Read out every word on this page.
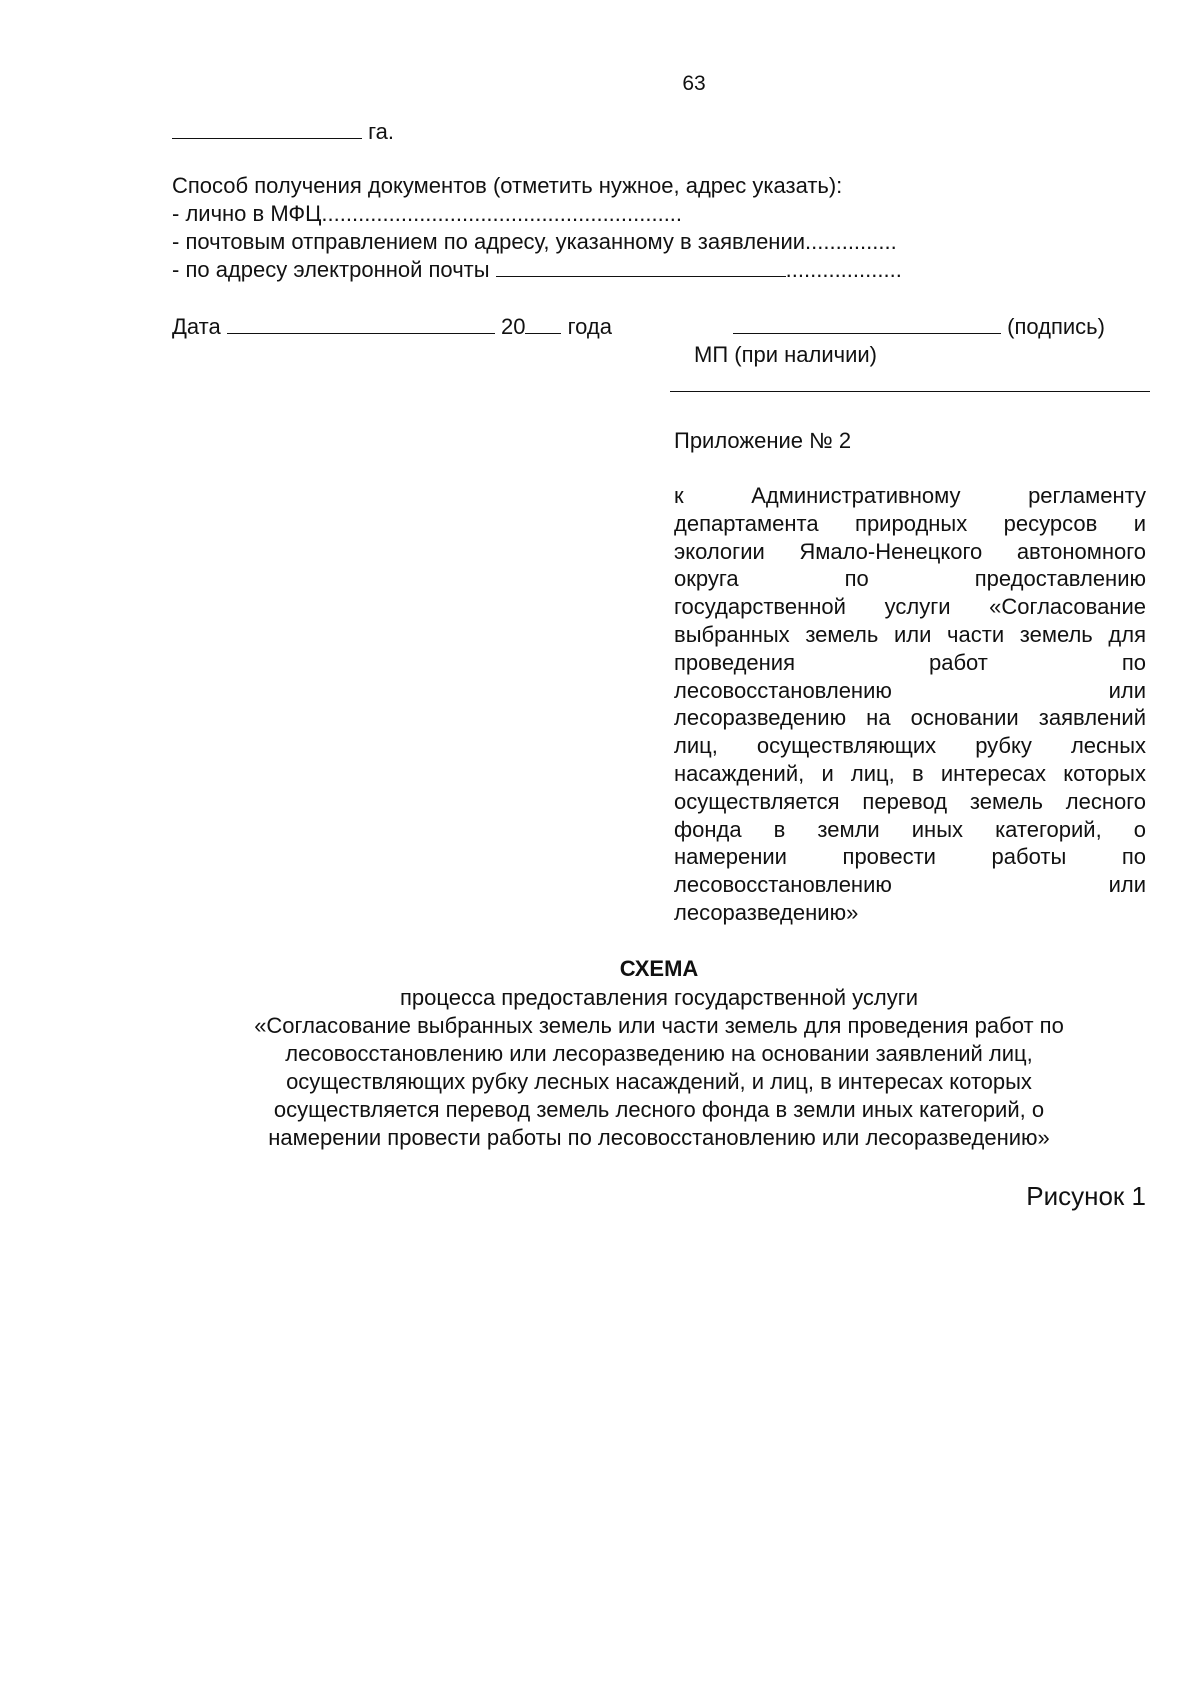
63
га.
Способ получения документов (отметить нужное, адрес указать):
- лично в МФЦ...........................................................
- почтовым отправлением по адресу, указанному в заявлении...............
- по адресу электронной почты	...................
Дата	20 года	(подпись)
МП (при наличии)
Приложение № 2
к Административному регламенту
департамента природных ресурсов и
экологии Ямало-Ненецкого автономного
округа по предоставлению
государственной услуги «Согласование
выбранных земель или части земель для
проведения работ по
лесовосстановлению или
лесоразведению на основании заявлений
лиц, осуществляющих рубку лесных
насаждений, и лиц, в интересах которых
осуществляется перевод земель лесного
фонда в земли иных категорий, о
намерении провести работы по
лесовосстановлению или
лесоразведению»
СХЕМА
процесса предоставления государственной услуги
«Согласование выбранных земель или части земель для проведения работ по
лесовосстановлению или лесоразведению на основании заявлений лиц,
осуществляющих рубку лесных насаждений, и лиц, в интересах которых
осуществляется перевод земель лесного фонда в земли иных категорий, о
намерении провести работы по лесовосстановлению или лесоразведению»
Рисунок 1
